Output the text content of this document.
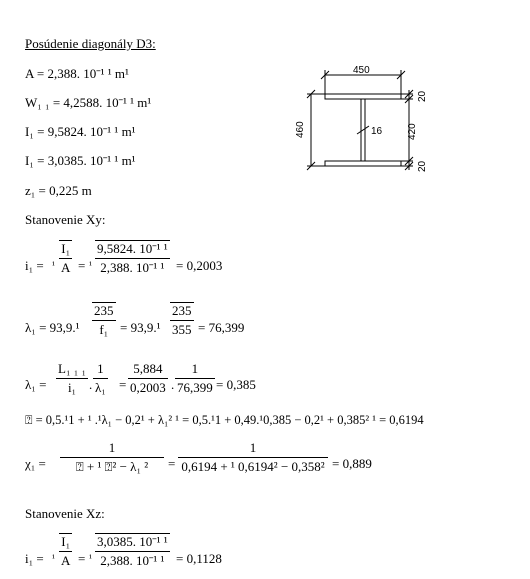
Posúdenie diagonály D3:
A = 2,388. 10ˉ¹ ¹ m¹
W₁ ₁ = 4,2588. 10ˉ¹ ¹ m¹
I₁ = 9,5824. 10ˉ¹ ¹ m¹
I₁ = 3,0385. 10ˉ¹ ¹ m¹
z₁ = 0,225 m
Stanovenie Xy:
$i_1 = ^1 \frac{\text{I₁}}{A} = ^1$
9,5824. 10ˉ¹ ¹
2,388. 10ˉ¹ ¹ = 0,2003
$\lambda_1 = 93,9.^1 \frac{235}{\text{f₁}} = 93,9.^1 \frac{235}{355} = 76,399$
$\lambda_1 = \frac{\text{L₁ ₁ ₁}}{\text{i₁}}$ . $\frac{1}{\text{λ₁}} = \frac{5,884}{0,2003}$ . $\frac{1}{76,399} = 0,385$
⍰ = 0,5.¹1 + ¹ .¹λ₁ − 0,2¹ + λ₁² ¹ = 0,5.¹1 + 0,49.¹0,385 − 0,2¹ + 0,385² ¹ = 0,6194
$\chi_1 = \frac{1}{\text{⍰ + ¹ ⍰² − λ₁ ²}} = \frac{1}{\text{0,6194 + ¹ 0,6194² − 0,358²}} = 0,889$
Stanovenie Xz:
$i_1 = ^1 \frac{\text{I₁}}{A} = ^1$
3,0385. 10ˉ¹ ¹
2,388. 10ˉ¹ ¹ = 0,1128
450
460
20
420
20
16
